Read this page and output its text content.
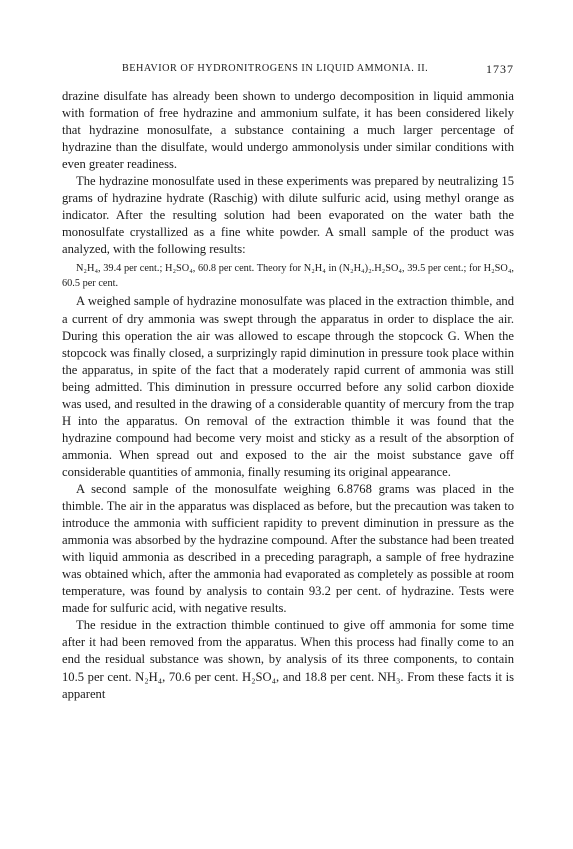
BEHAVIOR OF HYDRONITROGENS IN LIQUID AMMONIA. II.	1737

drazine disulfate has already been shown to undergo decomposition in liquid ammonia with formation of free hydrazine and ammonium sulfate, it has been considered likely that hydrazine monosulfate, a substance containing a much larger percentage of hydrazine than the disulfate, would undergo ammonolysis under similar conditions with even greater readiness.

The hydrazine monosulfate used in these experiments was prepared by neutralizing 15 grams of hydrazine hydrate (Raschig) with dilute sulfuric acid, using methyl orange as indicator. After the resulting solution had been evaporated on the water bath the monosulfate crystallized as a fine white powder. A small sample of the product was analyzed, with the following results:

N₂H₄, 39.4 per cent.; H₂SO₄, 60.8 per cent. Theory for N₂H₄ in (N₂H₄)₂.H₂SO₄, 39.5 per cent.; for H₂SO₄, 60.5 per cent.

A weighed sample of hydrazine monosulfate was placed in the extraction thimble, and a current of dry ammonia was swept through the apparatus in order to displace the air. During this operation the air was allowed to escape through the stopcock G. When the stopcock was finally closed, a surprizingly rapid diminution in pressure took place within the apparatus, in spite of the fact that a moderately rapid current of ammonia was still being admitted. This diminution in pressure occurred before any solid carbon dioxide was used, and resulted in the drawing of a considerable quantity of mercury from the trap H into the apparatus. On removal of the extraction thimble it was found that the hydrazine compound had become very moist and sticky as a result of the absorption of ammonia. When spread out and exposed to the air the moist substance gave off considerable quantities of ammonia, finally resuming its original appearance.

A second sample of the monosulfate weighing 6.8768 grams was placed in the thimble. The air in the apparatus was displaced as before, but the precaution was taken to introduce the ammonia with sufficient rapidity to prevent diminution in pressure as the ammonia was absorbed by the hydrazine compound. After the substance had been treated with liquid ammonia as described in a preceding paragraph, a sample of free hydrazine was obtained which, after the ammonia had evaporated as completely as possible at room temperature, was found by analysis to contain 93.2 per cent. of hydrazine. Tests were made for sulfuric acid, with negative results.

The residue in the extraction thimble continued to give off ammonia for some time after it had been removed from the apparatus. When this process had finally come to an end the residual substance was shown, by analysis of its three components, to contain 10.5 per cent. N₂H₄, 70.6 per cent. H₂SO₄, and 18.8 per cent. NH₃. From these facts it is apparent
